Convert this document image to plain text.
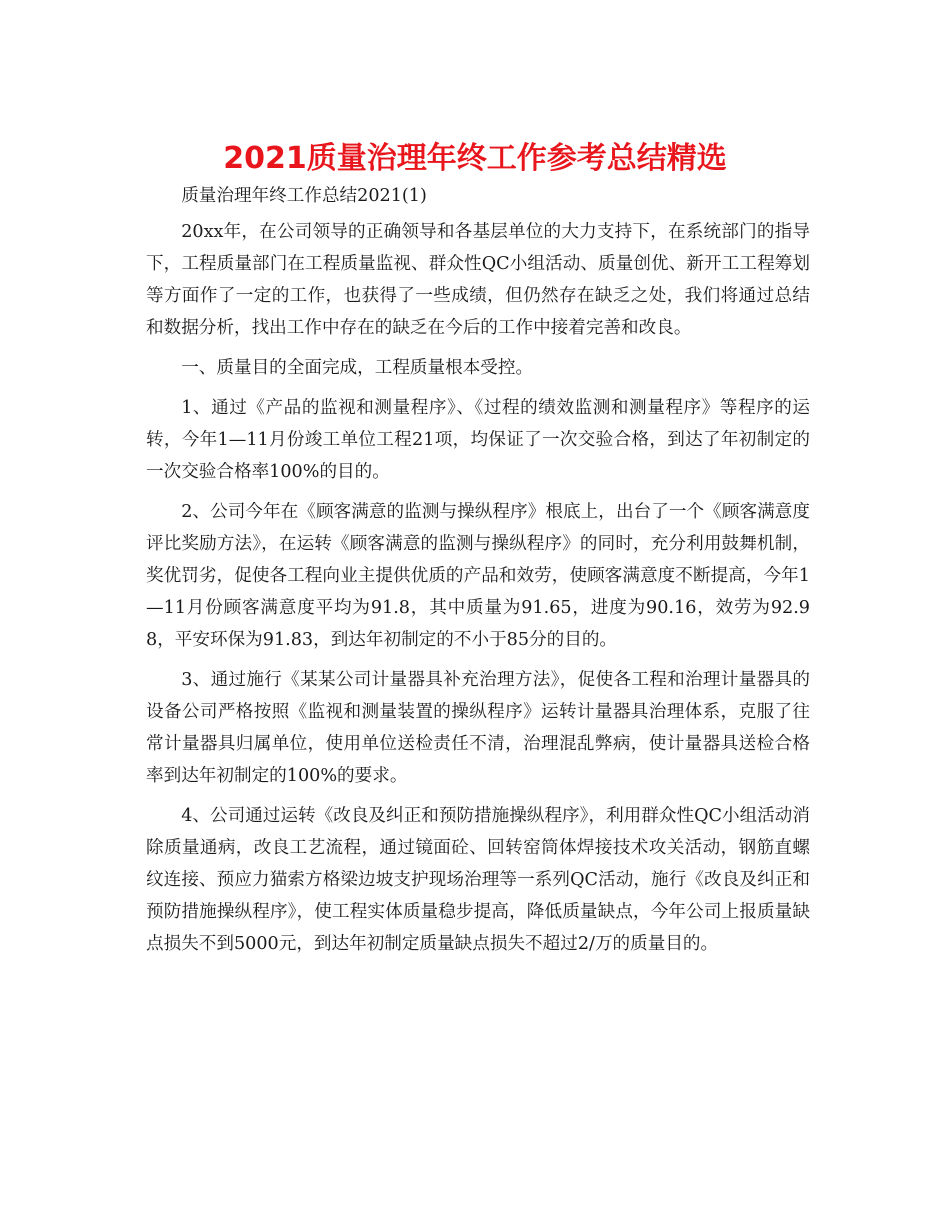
2021质量治理年终工作参考总结精选

质量治理年终工作总结2021(1)

20xx年，在公司领导的正确领导和各基层单位的大力支持下，在系统部门的指导下，工程质量部门在工程质量监视、群众性QC小组活动、质量创优、新开工工程筹划等方面作了一定的工作，也获得了一些成绩，但仍然存在缺乏之处，我们将通过总结和数据分析，找出工作中存在的缺乏在今后的工作中接着完善和改良。

一、质量目的全面完成，工程质量根本受控。

1、通过《产品的监视和测量程序》、《过程的绩效监测和测量程序》等程序的运转，今年1—11月份竣工单位工程21项，均保证了一次交验合格，到达了年初制定的一次交验合格率100%的目的。

2、公司今年在《顾客满意的监测与操纵程序》根底上，出台了一个《顾客满意度评比奖励方法》，在运转《顾客满意的监测与操纵程序》的同时，充分利用鼓舞机制，奖优罚劣，促使各工程向业主提供优质的产品和效劳，使顾客满意度不断提高，今年1—11月份顾客满意度平均为91.8，其中质量为91.65，进度为90.16，效劳为92.98，平安环保为91.83，到达年初制定的不小于85分的目的。

3、通过施行《某某公司计量器具补充治理方法》，促使各工程和治理计量器具的设备公司严格按照《监视和测量装置的操纵程序》运转计量器具治理体系，克服了往常计量器具归属单位，使用单位送检责任不清，治理混乱弊病，使计量器具送检合格率到达年初制定的100%的要求。

4、公司通过运转《改良及纠正和预防措施操纵程序》，利用群众性QC小组活动消除质量通病，改良工艺流程，通过镜面砼、回转窑筒体焊接技术攻关活动，钢筋直螺纹连接、预应力猫索方格梁边坡支护现场治理等一系列QC活动，施行《改良及纠正和预防措施操纵程序》，使工程实体质量稳步提高，降低质量缺点，今年公司上报质量缺点损失不到5000元，到达年初制定质量缺点损失不超过2/万的质量目的。
